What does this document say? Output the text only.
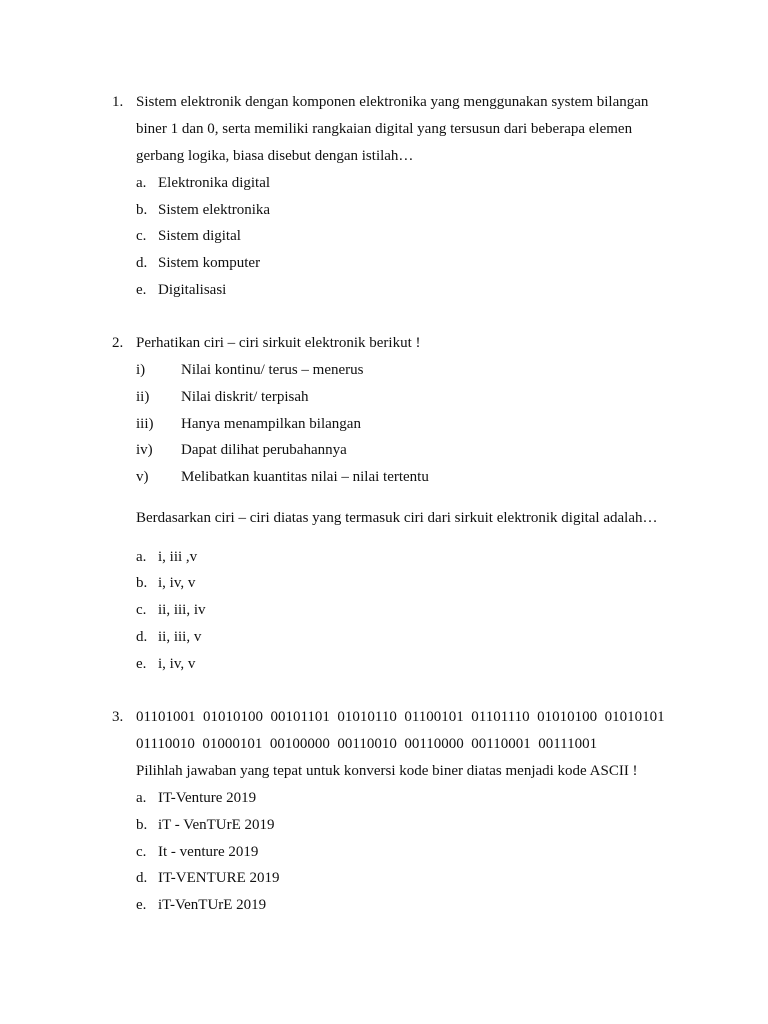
1. Sistem elektronik dengan komponen elektronika yang menggunakan system bilangan
biner 1 dan 0, serta memiliki rangkaian digital yang tersusun dari beberapa elemen
gerbang logika, biasa disebut dengan istilah…
a. Elektronika digital
b. Sistem elektronika
c. Sistem digital
d. Sistem komputer
e. Digitalisasi
2. Perhatikan ciri – ciri sirkuit elektronik berikut !
i) Nilai kontinu/ terus – menerus
ii) Nilai diskrit/ terpisah
iii) Hanya menampilkan bilangan
iv) Dapat dilihat perubahannya
v) Melibatkan kuantitas nilai – nilai tertentu
Berdasarkan ciri – ciri diatas yang termasuk ciri dari sirkuit elektronik digital adalah…
a. i, iii ,v
b. i, iv, v
c. ii, iii, iv
d. ii, iii, v
e. i, iv, v
3. 01101001  01010100  00101101  01010110  01100101  01101110  01010100  01010101
01110010  01000101  00100000  00110010  00110000  00110001  00111001
Pilihlah jawaban yang tepat untuk konversi kode biner diatas menjadi kode ASCII !
a. IT-Venture 2019
b. iT - VenTUrE 2019
c. It - venture 2019
d. IT-VENTURE 2019
e. iT-VenTUrE 2019
